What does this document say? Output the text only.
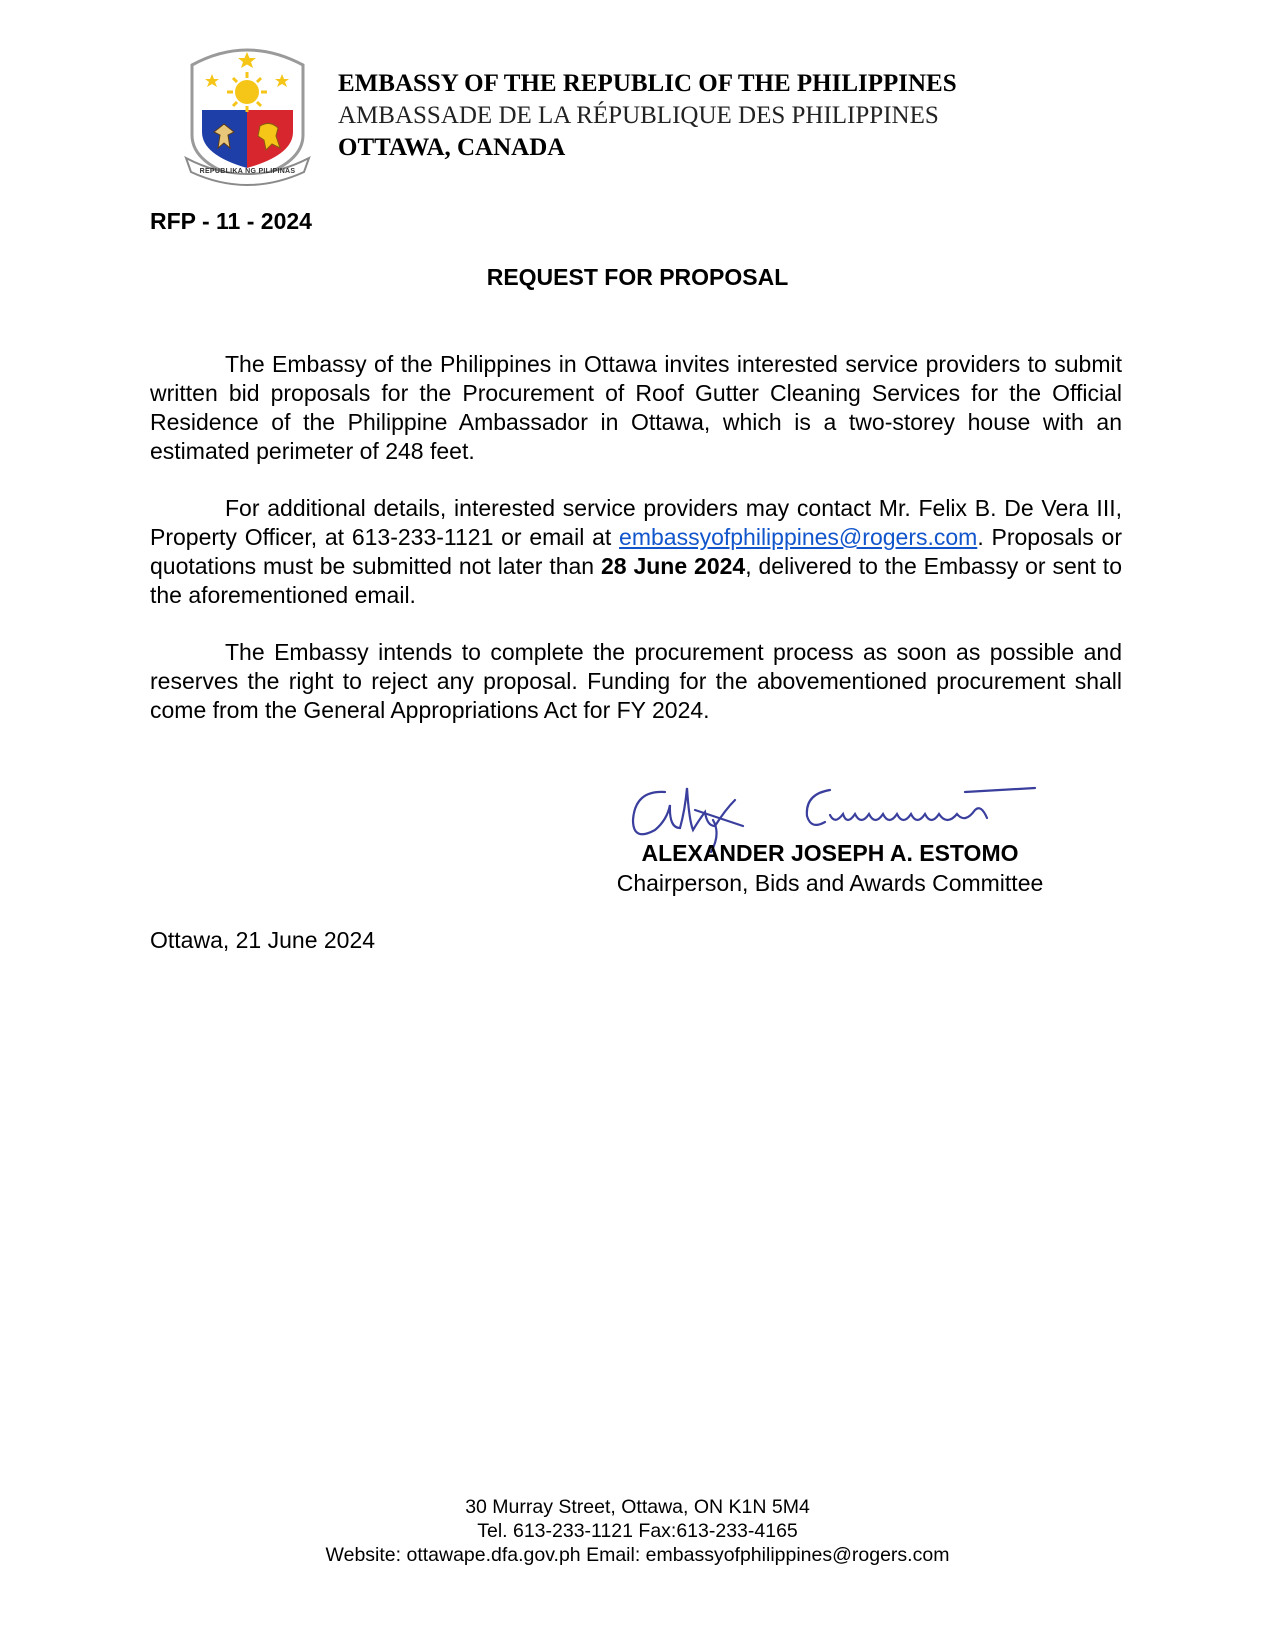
REPUBLIKA NG PILIPINAS
EMBASSY OF THE REPUBLIC OF THE PHILIPPINES
AMBASSADE DE LA RÉPUBLIQUE DES PHILIPPINES
OTTAWA, CANADA
RFP - 11 - 2024
REQUEST FOR PROPOSAL

The Embassy of the Philippines in Ottawa invites interested service providers to submit written bid proposals for the Procurement of Roof Gutter Cleaning Services for the Official Residence of the Philippine Ambassador in Ottawa, which is a two-storey house with an estimated perimeter of 248 feet.

For additional details, interested service providers may contact Mr. Felix B. De Vera III, Property Officer, at 613-233-1121 or email at embassyofphilippines@rogers.com. Proposals or quotations must be submitted not later than 28 June 2024, delivered to the Embassy or sent to the aforementioned email.

The Embassy intends to complete the procurement process as soon as possible and reserves the right to reject any proposal. Funding for the abovementioned procurement shall come from the General Appropriations Act for FY 2024.

ALEXANDER JOSEPH A. ESTOMO
Chairperson, Bids and Awards Committee
Ottawa, 21 June 2024
30 Murray Street, Ottawa, ON K1N 5M4
Tel. 613-233-1121 Fax:613-233-4165
Website: ottawape.dfa.gov.ph Email: embassyofphilippines@rogers.com
